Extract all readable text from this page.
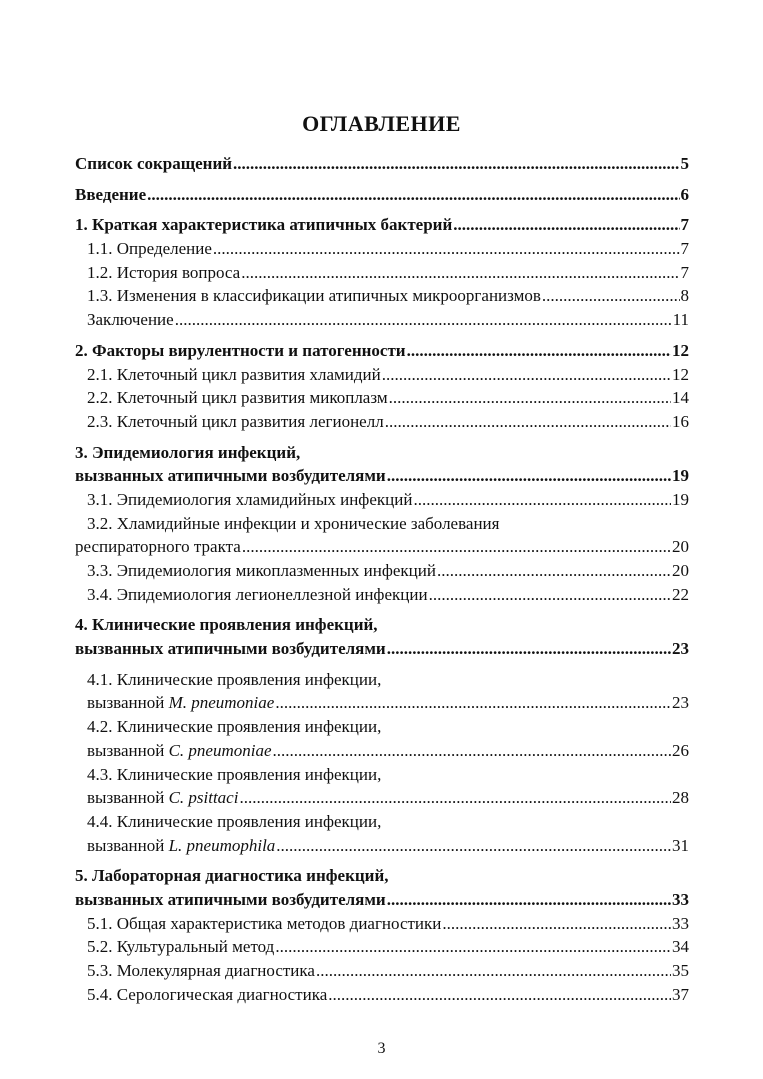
ОГЛАВЛЕНИЕ
Список сокращений .....	5
Введение .....	6
1. Краткая характеристика атипичных бактерий .....	7
1.1. Определение .....	7
1.2. История вопроса .....	7
1.3. Изменения в классификации атипичных микроорганизмов .....	8
Заключение .....	11
2. Факторы вирулентности и патогенности .....	12
2.1. Клеточный цикл развития хламидий .....	12
2.2. Клеточный цикл развития микоплазм .....	14
2.3. Клеточный цикл развития легионелл .....	16
3. Эпидемиология инфекций,
вызванных атипичными возбудителями .....	19
3.1. Эпидемиология хламидийных инфекций .....	19
3.2. Хламидийные инфекции и хронические заболевания
респираторного тракта .....	20
3.3. Эпидемиология микоплазменных инфекций .....	20
3.4. Эпидемиология легионеллезной инфекции .....	22
4. Клинические проявления инфекций,
вызванных атипичными возбудителями .....	23
4.1. Клинические проявления инфекции,
вызванной M. pneumoniae .....	23
4.2. Клинические проявления инфекции,
вызванной C. pneumoniae .....	26
4.3. Клинические проявления инфекции,
вызванной C. psittaci .....	28
4.4. Клинические проявления инфекции,
вызванной L. pneumophila .....	31
5. Лабораторная диагностика инфекций,
вызванных атипичными возбудителями .....	33
5.1. Общая характеристика методов диагностики .....	33
5.2. Культуральный метод .....	34
5.3. Молекулярная диагностика .....	35
5.4. Серологическая диагностика .....	37
3
